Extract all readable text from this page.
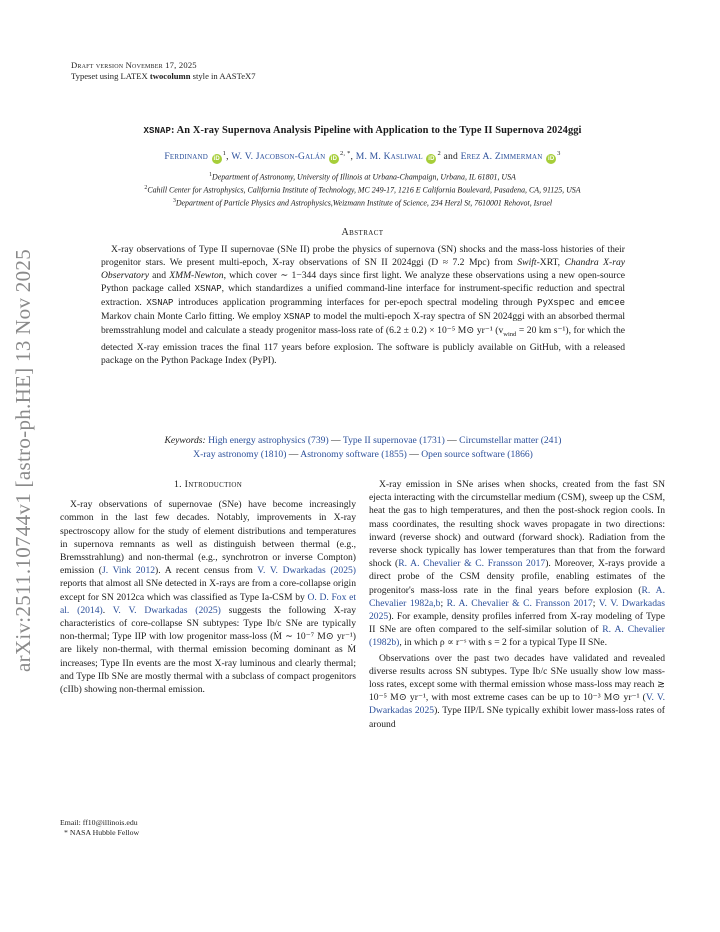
arXiv:2511.10744v1 [astro-ph.HE] 13 Nov 2025
Draft version November 17, 2025
Typeset using LATEX twocolumn style in AASTeX7
XSNAP: An X-ray Supernova Analysis Pipeline with Application to the Type II Supernova 2024ggi
Ferdinand $iD^1$, W. V. Jacobson-Galán $iD^{2, *}$, M. M. Kasliwal $iD^2$ and Erez A. Zimmerman $iD^3$
$^1$Department of Astronomy, University of Illinois at Urbana-Champaign, Urbana, IL 61801, USA
$^2$Cahill Center for Astrophysics, California Institute of Technology, MC 249-17, 1216 E California Boulevard, Pasadena, CA, 91125, USA
$^3$Department of Particle Physics and Astrophysics,Weizmann Institute of Science, 234 Herzl St, 7610001 Rehovot, Israel
Abstract
X-ray observations of Type II supernovae (SNe II) probe the physics of supernova (SN) shocks and the mass-loss histories of their progenitor stars. We present multi-epoch, X-ray observations of SN II 2024ggi (D ≈ 7.2 Mpc) from Swift-XRT, Chandra X-ray Observatory and XMM-Newton, which cover ∼ 1−344 days since first light. We analyze these observations using a new open-source Python package called XSNAP, which standardizes a unified command-line interface for instrument-specific reduction and spectral extraction. XSNAP introduces application programming interfaces for per-epoch spectral modeling through PyXspec and emcee Markov chain Monte Carlo fitting. We employ XSNAP to model the multi-epoch X-ray spectra of SN 2024ggi with an absorbed thermal bremsstrahlung model and calculate a steady progenitor mass-loss rate of (6.2 ± 0.2) × 10⁻⁵ M⊙ yr⁻¹ ($v_{wind} = 20$ km s⁻¹), for which the detected X-ray emission traces the final 117 years before explosion. The software is publicly available on GitHub, with a released package on the Python Package Index (PyPI).
Keywords: High energy astrophysics (739) — Type II supernovae (1731) — Circumstellar matter (241)
X-ray astronomy (1810) — Astronomy software (1855) — Open source software (1866)
1. Introduction

X-ray observations of supernovae (SNe) have become increasingly common in the last few decades. Notably, improvements in X-ray spectroscopy allow for the study of element distributions and temperatures in supernova remnants as well as distinguish between thermal (e.g., Bremsstrahlung) and non-thermal (e.g., synchrotron or inverse Compton) emission (J. Vink 2012). A recent census from V. V. Dwarkadas (2025) reports that almost all SNe detected in X-rays are from a core-collapse origin except for SN 2012ca which was classified as Type Ia-CSM by O. D. Fox et al. (2014). V. V. Dwarkadas (2025) suggests the following X-ray characteristics of core-collapse SN subtypes: Type Ib/c SNe are typically non-thermal; Type IIP with low progenitor mass-loss (Ṁ ∼ 10⁻⁷ M⊙ yr⁻¹) are likely non-thermal, with thermal emission becoming dominant as Ṁ increases; Type IIn events are the most X-ray luminous and clearly thermal; and Type IIb SNe are mostly thermal with a subclass of compact progenitors (cIIb) showing non-thermal emission.

X-ray emission in SNe arises when shocks, created from the fast SN ejecta interacting with the circumstellar medium (CSM), sweep up the CSM, heat the gas to high temperatures, and then the post-shock region cools. In mass coordinates, the resulting shock waves propagate in two directions: inward (reverse shock) and outward (forward shock). Radiation from the reverse shock typically has lower temperatures than that from the forward shock (R. A. Chevalier & C. Fransson 2017). Moreover, X-rays provide a direct probe of the CSM density profile, enabling estimates of the progenitor's mass-loss rate in the final years before explosion (R. A. Chevalier 1982a,b; R. A. Chevalier & C. Fransson 2017; V. V. Dwarkadas 2025). For example, density profiles inferred from X-ray modeling of Type II SNe are often compared to the self-similar solution of R. A. Chevalier (1982b), in which ρ ∝ r⁻ˢ with s = 2 for a typical Type II SNe.

Observations over the past two decades have validated and revealed diverse results across SN subtypes. Type Ib/c SNe usually show low mass-loss rates, except some with thermal emission whose mass-loss may reach ≳ 10⁻⁵ M⊙ yr⁻¹, with most extreme cases can be up to 10⁻³ M⊙ yr⁻¹ (V. V. Dwarkadas 2025). Type IIP/L SNe typically exhibit lower mass-loss rates of around

Email: ff10@illinois.edu
* NASA Hubble Fellow
